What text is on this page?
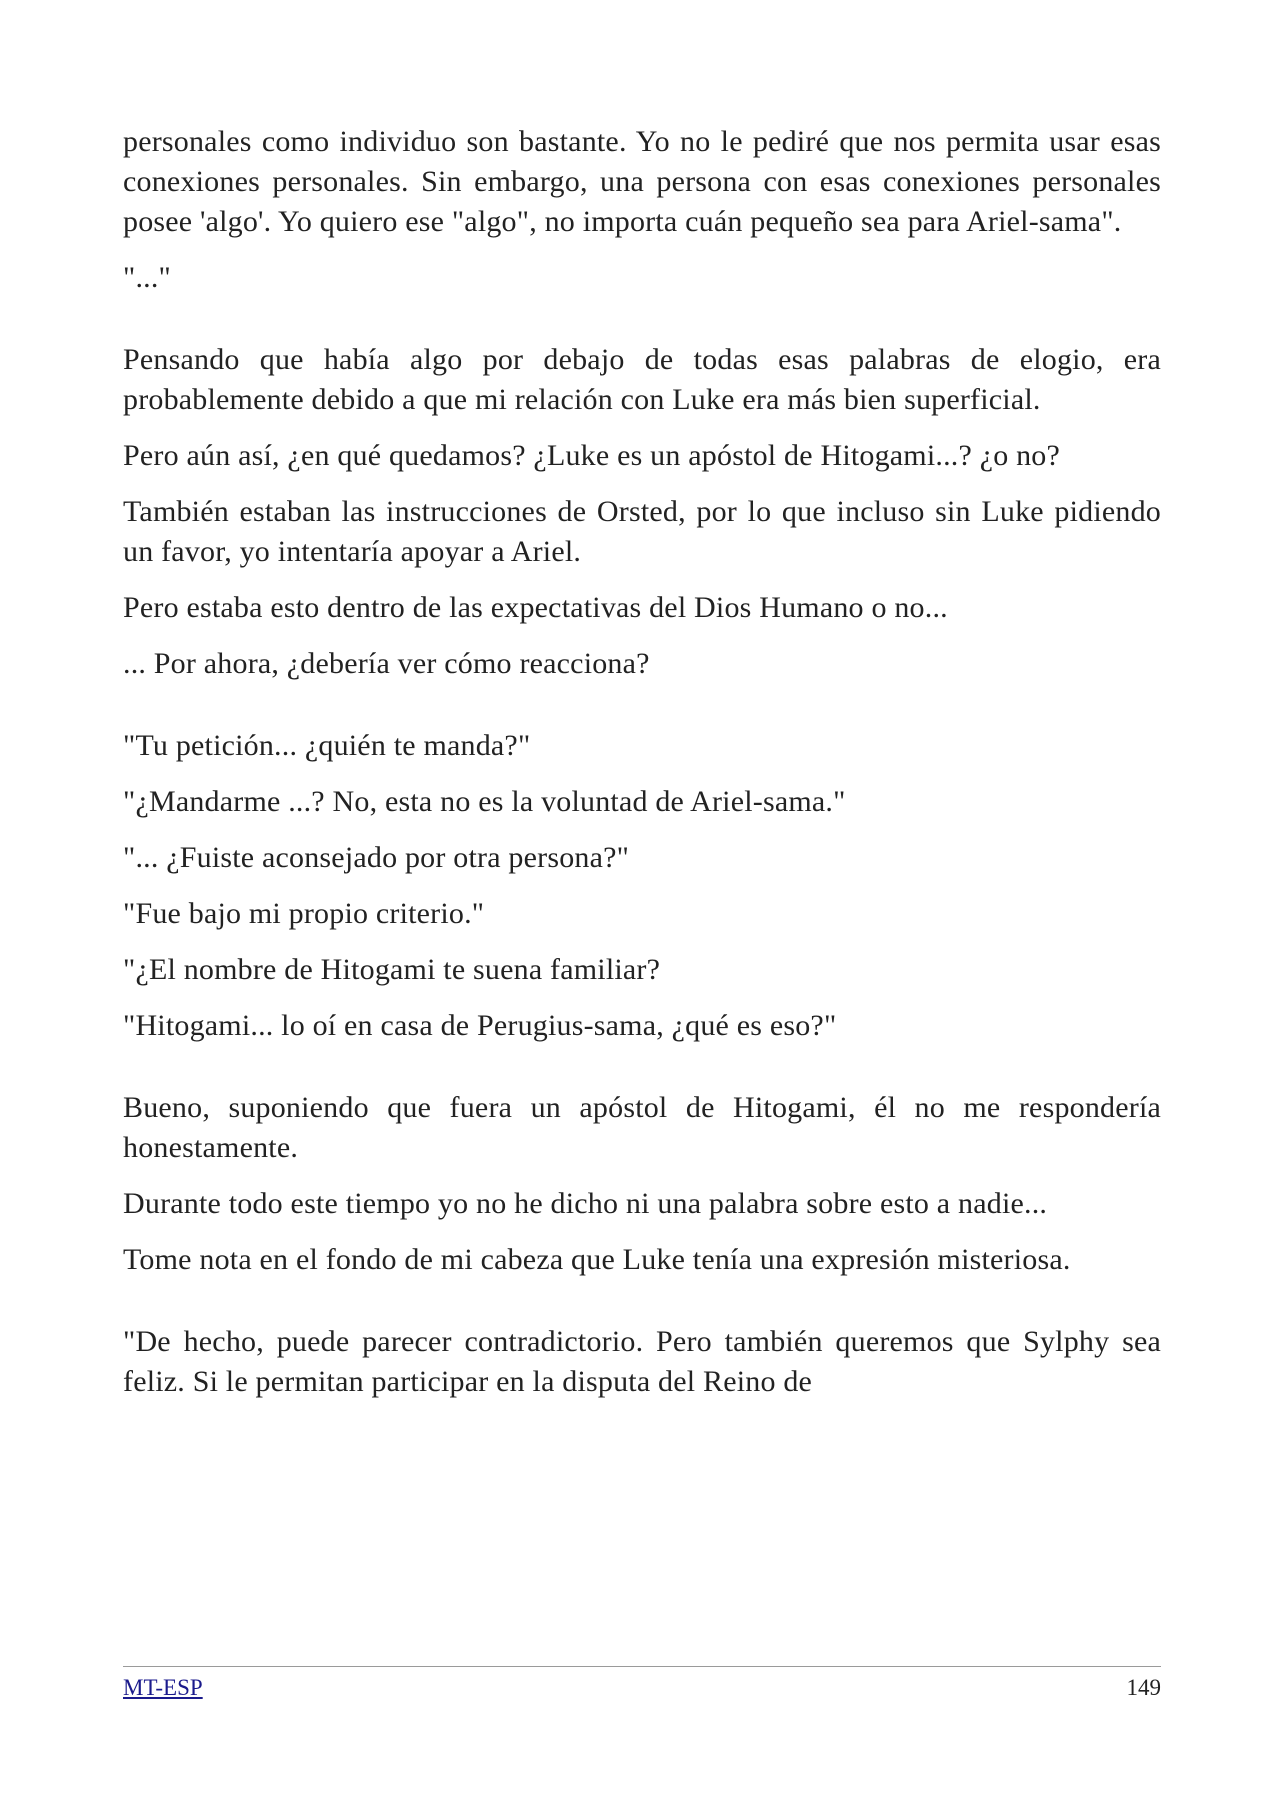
personales como individuo son bastante. Yo no le pediré que nos permita usar esas conexiones personales. Sin embargo, una persona con esas conexiones personales posee 'algo'. Yo quiero ese "algo", no importa cuán pequeño sea para Ariel-sama".

"..."

Pensando que había algo por debajo de todas esas palabras de elogio, era probablemente debido a que mi relación con Luke era más bien superficial.

Pero aún así, ¿en qué quedamos? ¿Luke es un apóstol de Hitogami...? ¿o no?

También estaban las instrucciones de Orsted, por lo que incluso sin Luke pidiendo un favor, yo intentaría apoyar a Ariel.

Pero estaba esto dentro de las expectativas del Dios Humano o no...

... Por ahora, ¿debería ver cómo reacciona?

"Tu petición... ¿quién te manda?"

"¿Mandarme ...? No, esta no es la voluntad de Ariel-sama."

"... ¿Fuiste aconsejado por otra persona?"

"Fue bajo mi propio criterio."

"¿El nombre de Hitogami te suena familiar?

"Hitogami... lo oí en casa de Perugius-sama, ¿qué es eso?"

Bueno, suponiendo que fuera un apóstol de Hitogami, él no me respondería honestamente.

Durante todo este tiempo yo no he dicho ni una palabra sobre esto a nadie...

Tome nota en el fondo de mi cabeza que Luke tenía una expresión misteriosa.

"De hecho, puede parecer contradictorio. Pero también queremos que Sylphy sea feliz. Si le permitan participar en la disputa del Reino de

MT-ESP	149
